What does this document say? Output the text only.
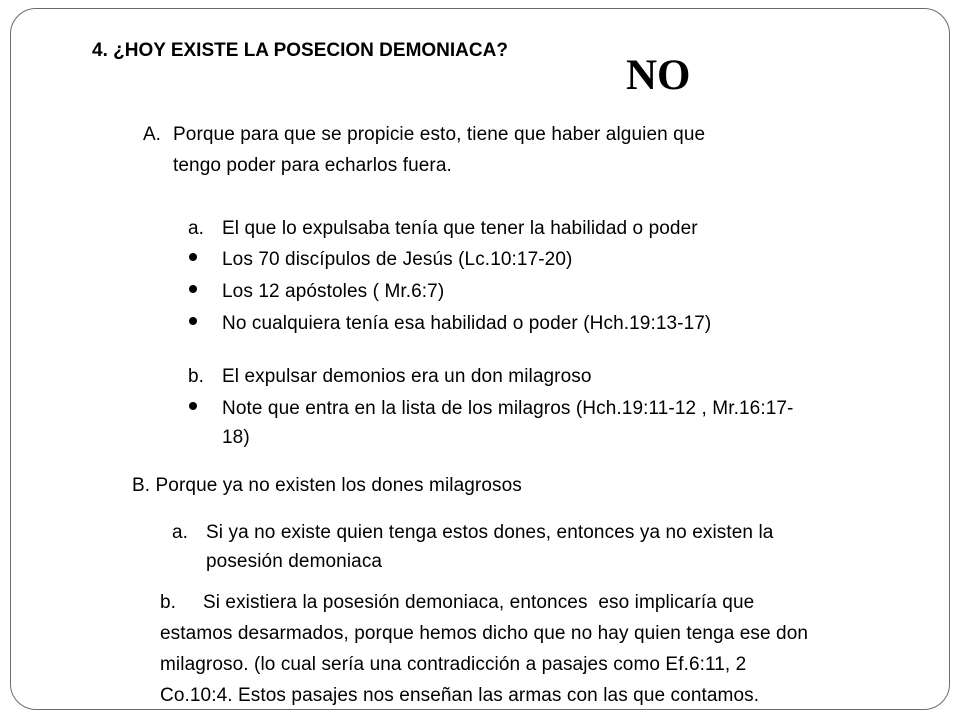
4. ¿HOY EXISTE LA POSECION DEMONIACA?
NO
A. Porque para que se propicie esto, tiene que haber alguien que

tengo poder para echarlos fuera.

a. El que lo expulsaba tenía que tener la habilidad o poder

Los 70 discípulos de Jesús (Lc.10:17-20)

Los 12 apóstoles ( Mr.6:7)

No cualquiera tenía esa habilidad o poder (Hch.19:13-17)

b. El expulsar demonios era un don milagroso

Note que entra en la lista de los milagros (Hch.19:11-12 , Mr.16:17-

18)

B. Porque ya no existen los dones milagrosos

a. Si ya no existe quien tenga estos dones, entonces ya no existen la

posesión demoniaca

b.     Si existiera la posesión demoniaca, entonces  eso implicaría que

estamos desarmados, porque hemos dicho que no hay quien tenga ese don

milagroso. (lo cual sería una contradicción a pasajes como Ef.6:11, 2

Co.10:4. Estos pasajes nos enseñan las armas con las que contamos.
